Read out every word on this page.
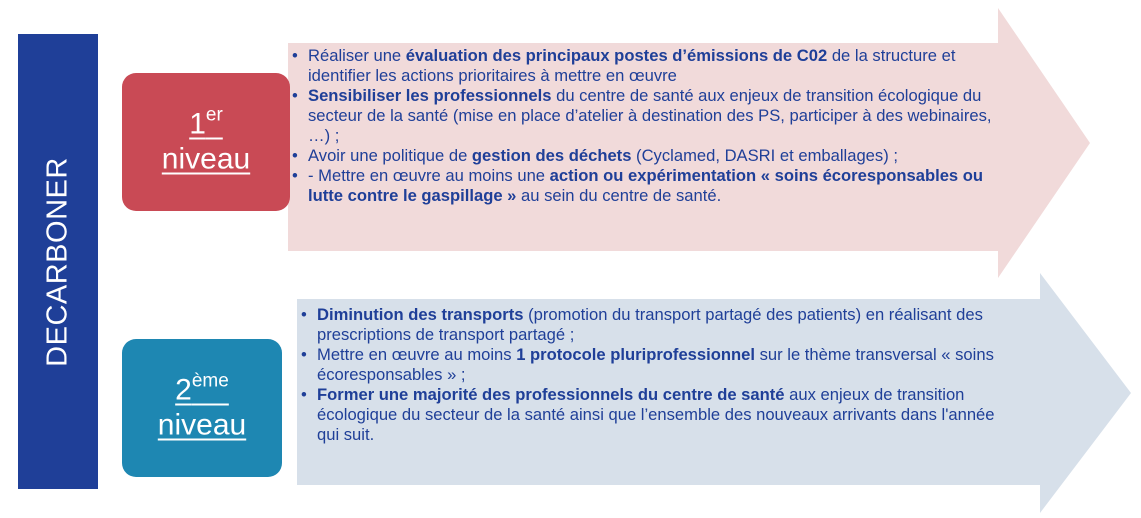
DECARBONER
1er
niveau
2ème
niveau
• Réaliser une évaluation des principaux postes d’émissions de C02 de la structure et identifier les actions prioritaires à mettre en œuvre
• Sensibiliser les professionnels du centre de santé aux enjeux de transition écologique du secteur de la santé (mise en place d’atelier à destination des PS, participer à des webinaires, …) ;
• Avoir une politique de gestion des déchets (Cyclamed, DASRI et emballages) ;
• - Mettre en œuvre au moins une action ou expérimentation « soins écoresponsables ou lutte contre le gaspillage » au sein du centre de santé.
• Diminution des transports (promotion du transport partagé des patients) en réalisant des prescriptions de transport partagé ;
• Mettre en œuvre au moins 1 protocole pluriprofessionnel sur le thème transversal « soins écoresponsables » ;
• Former une majorité des professionnels du centre de santé aux enjeux de transition écologique du secteur de la santé ainsi que l’ensemble des nouveaux arrivants dans l'année qui suit.
